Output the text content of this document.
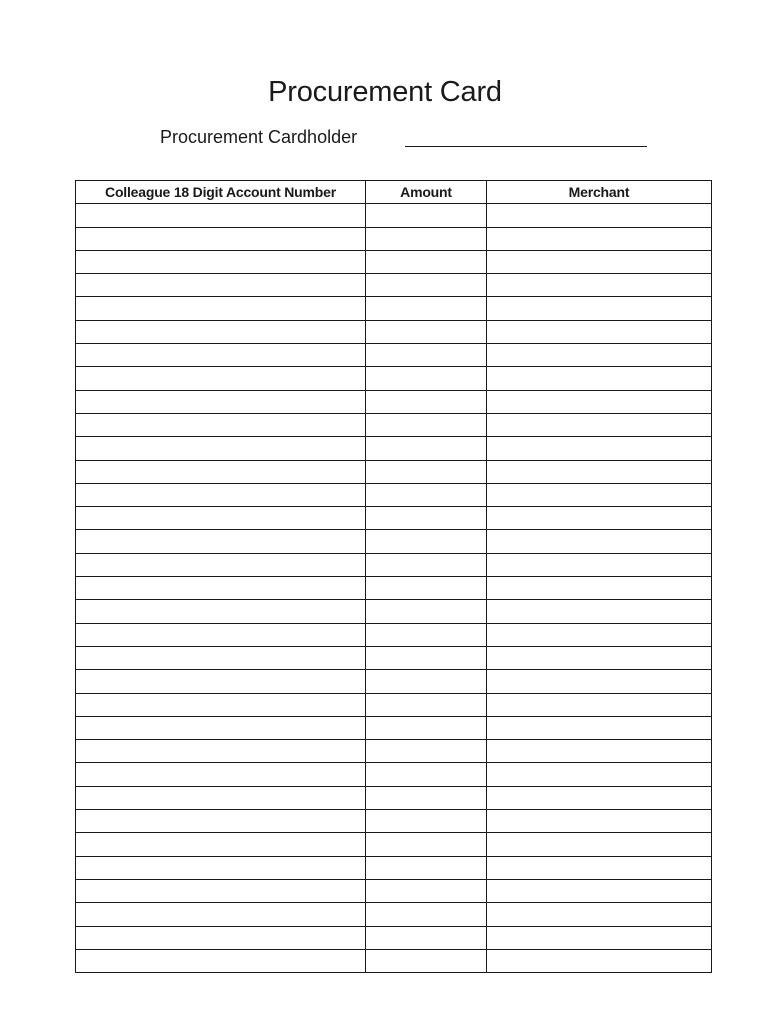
Procurement Card
Procurement Cardholder
Colleague 18 Digit Account Number	Amount	Merchant
